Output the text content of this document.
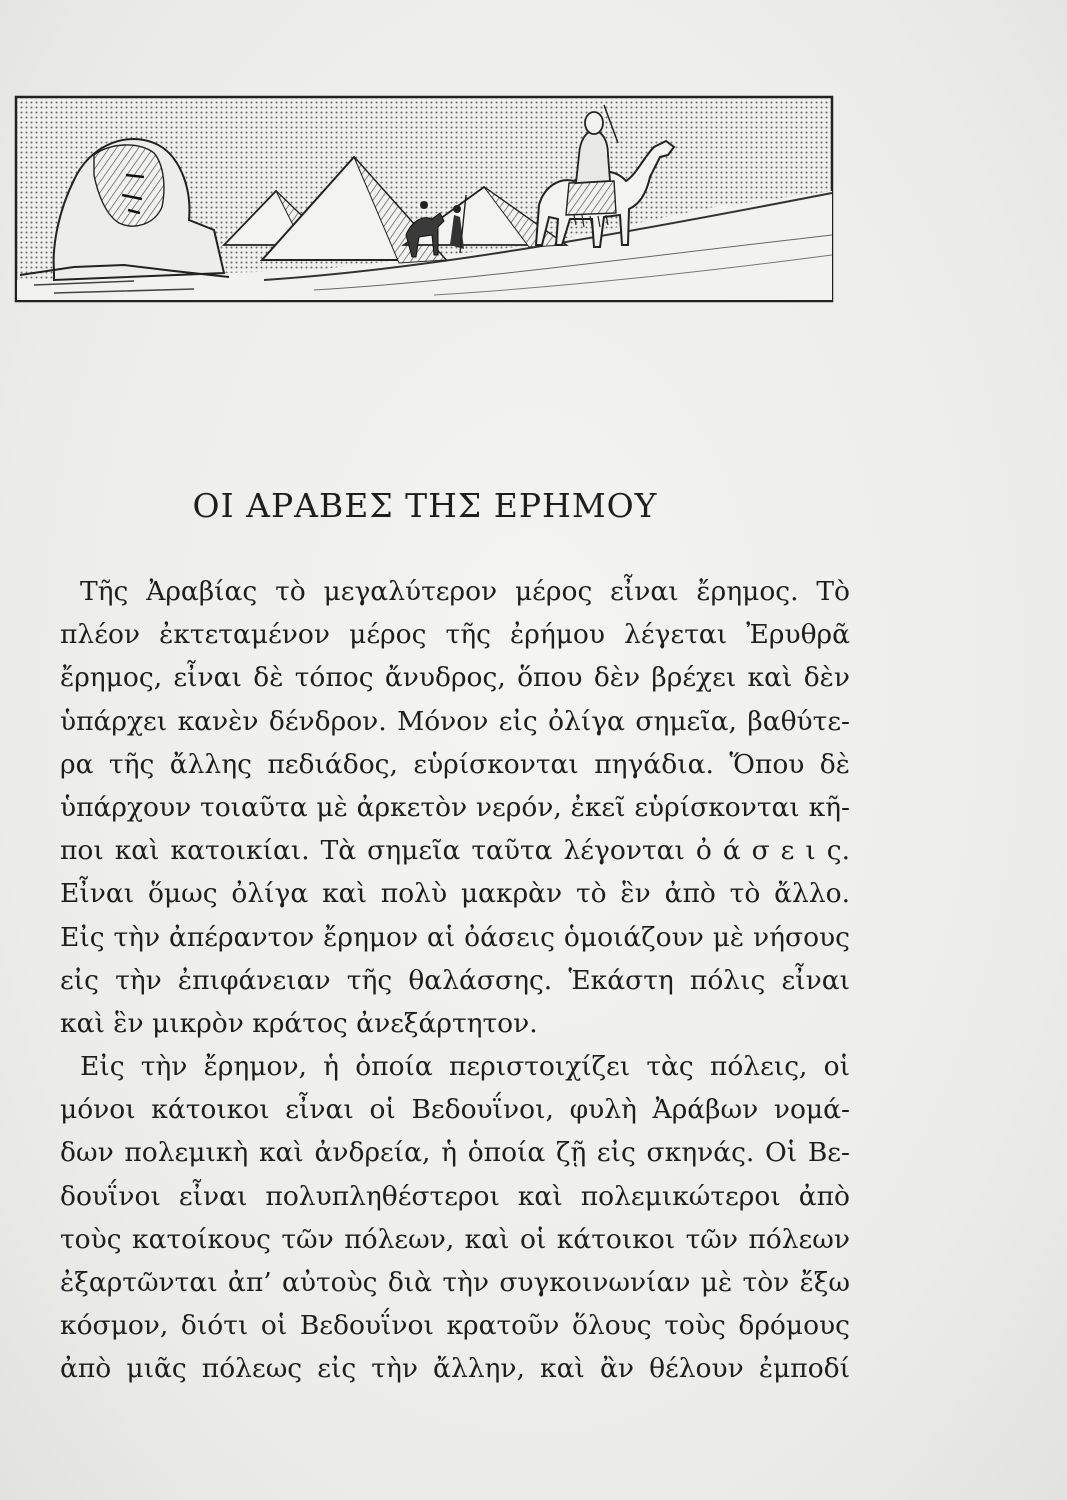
ΟΙ ΑΡΑΒΕΣ ΤΗΣ ΕΡΗΜΟΥ
Τῆς Ἀραβίας τὸ μεγαλύτερον μέρος εἶναι ἔρημος. Τὸ
πλέον ἐκτεταμένον μέρος τῆς ἐρήμου λέγεται Ἐρυθρᾶ
ἔρημος, εἶναι δὲ τόπος ἄνυδρος, ὅπου δὲν βρέχει καὶ δὲν
ὑπάρχει κανὲν δένδρον. Μόνον εἰς ὀλίγα σημεῖα, βαθύτε-
ρα τῆς ἄλλης πεδιάδος, εὑρίσκονται πηγάδια. Ὅπου δὲ
ὑπάρχουν τοιαῦτα μὲ ἀρκετὸν νερόν, ἐκεῖ εὑρίσκονται κῆ-
ποι καὶ κατοικίαι. Τὰ σημεῖα ταῦτα λέγονται ὀ ά σ ε ι ς.
Εἶναι ὅμως ὀλίγα καὶ πολὺ μακρὰν τὸ ἓν ἀπὸ τὸ ἄλλο.
Εἰς τὴν ἀπέραντον ἔρημον αἱ ὀάσεις ὁμοιάζουν μὲ νήσους
εἰς τὴν ἐπιφάνειαν τῆς θαλάσσης. Ἑκάστη πόλις εἶναι
καὶ ἓν μικρὸν κράτος ἀνεξάρτητον.
Εἰς τὴν ἔρημον, ἡ ὁποία περιστοιχίζει τὰς πόλεις, οἱ
μόνοι κάτοικοι εἶναι οἱ Βεδουΐνοι, φυλὴ Ἀράβων νομά-
δων πολεμικὴ καὶ ἀνδρεία, ἡ ὁποία ζῇ εἰς σκηνάς. Οἱ Βε-
δουΐνοι εἶναι πολυπληθέστεροι καὶ πολεμικώτεροι ἀπὸ
τοὺς κατοίκους τῶν πόλεων, καὶ οἱ κάτοικοι τῶν πόλεων
ἐξαρτῶνται ἀπ’ αὐτοὺς διὰ τὴν συγκοινωνίαν μὲ τὸν ἔξω
κόσμον, διότι οἱ Βεδουΐνοι κρατοῦν ὅλους τοὺς δρόμους
ἀπὸ μιᾶς πόλεως εἰς τὴν ἄλλην, καὶ ἂν θέλουν ἐμποδί
